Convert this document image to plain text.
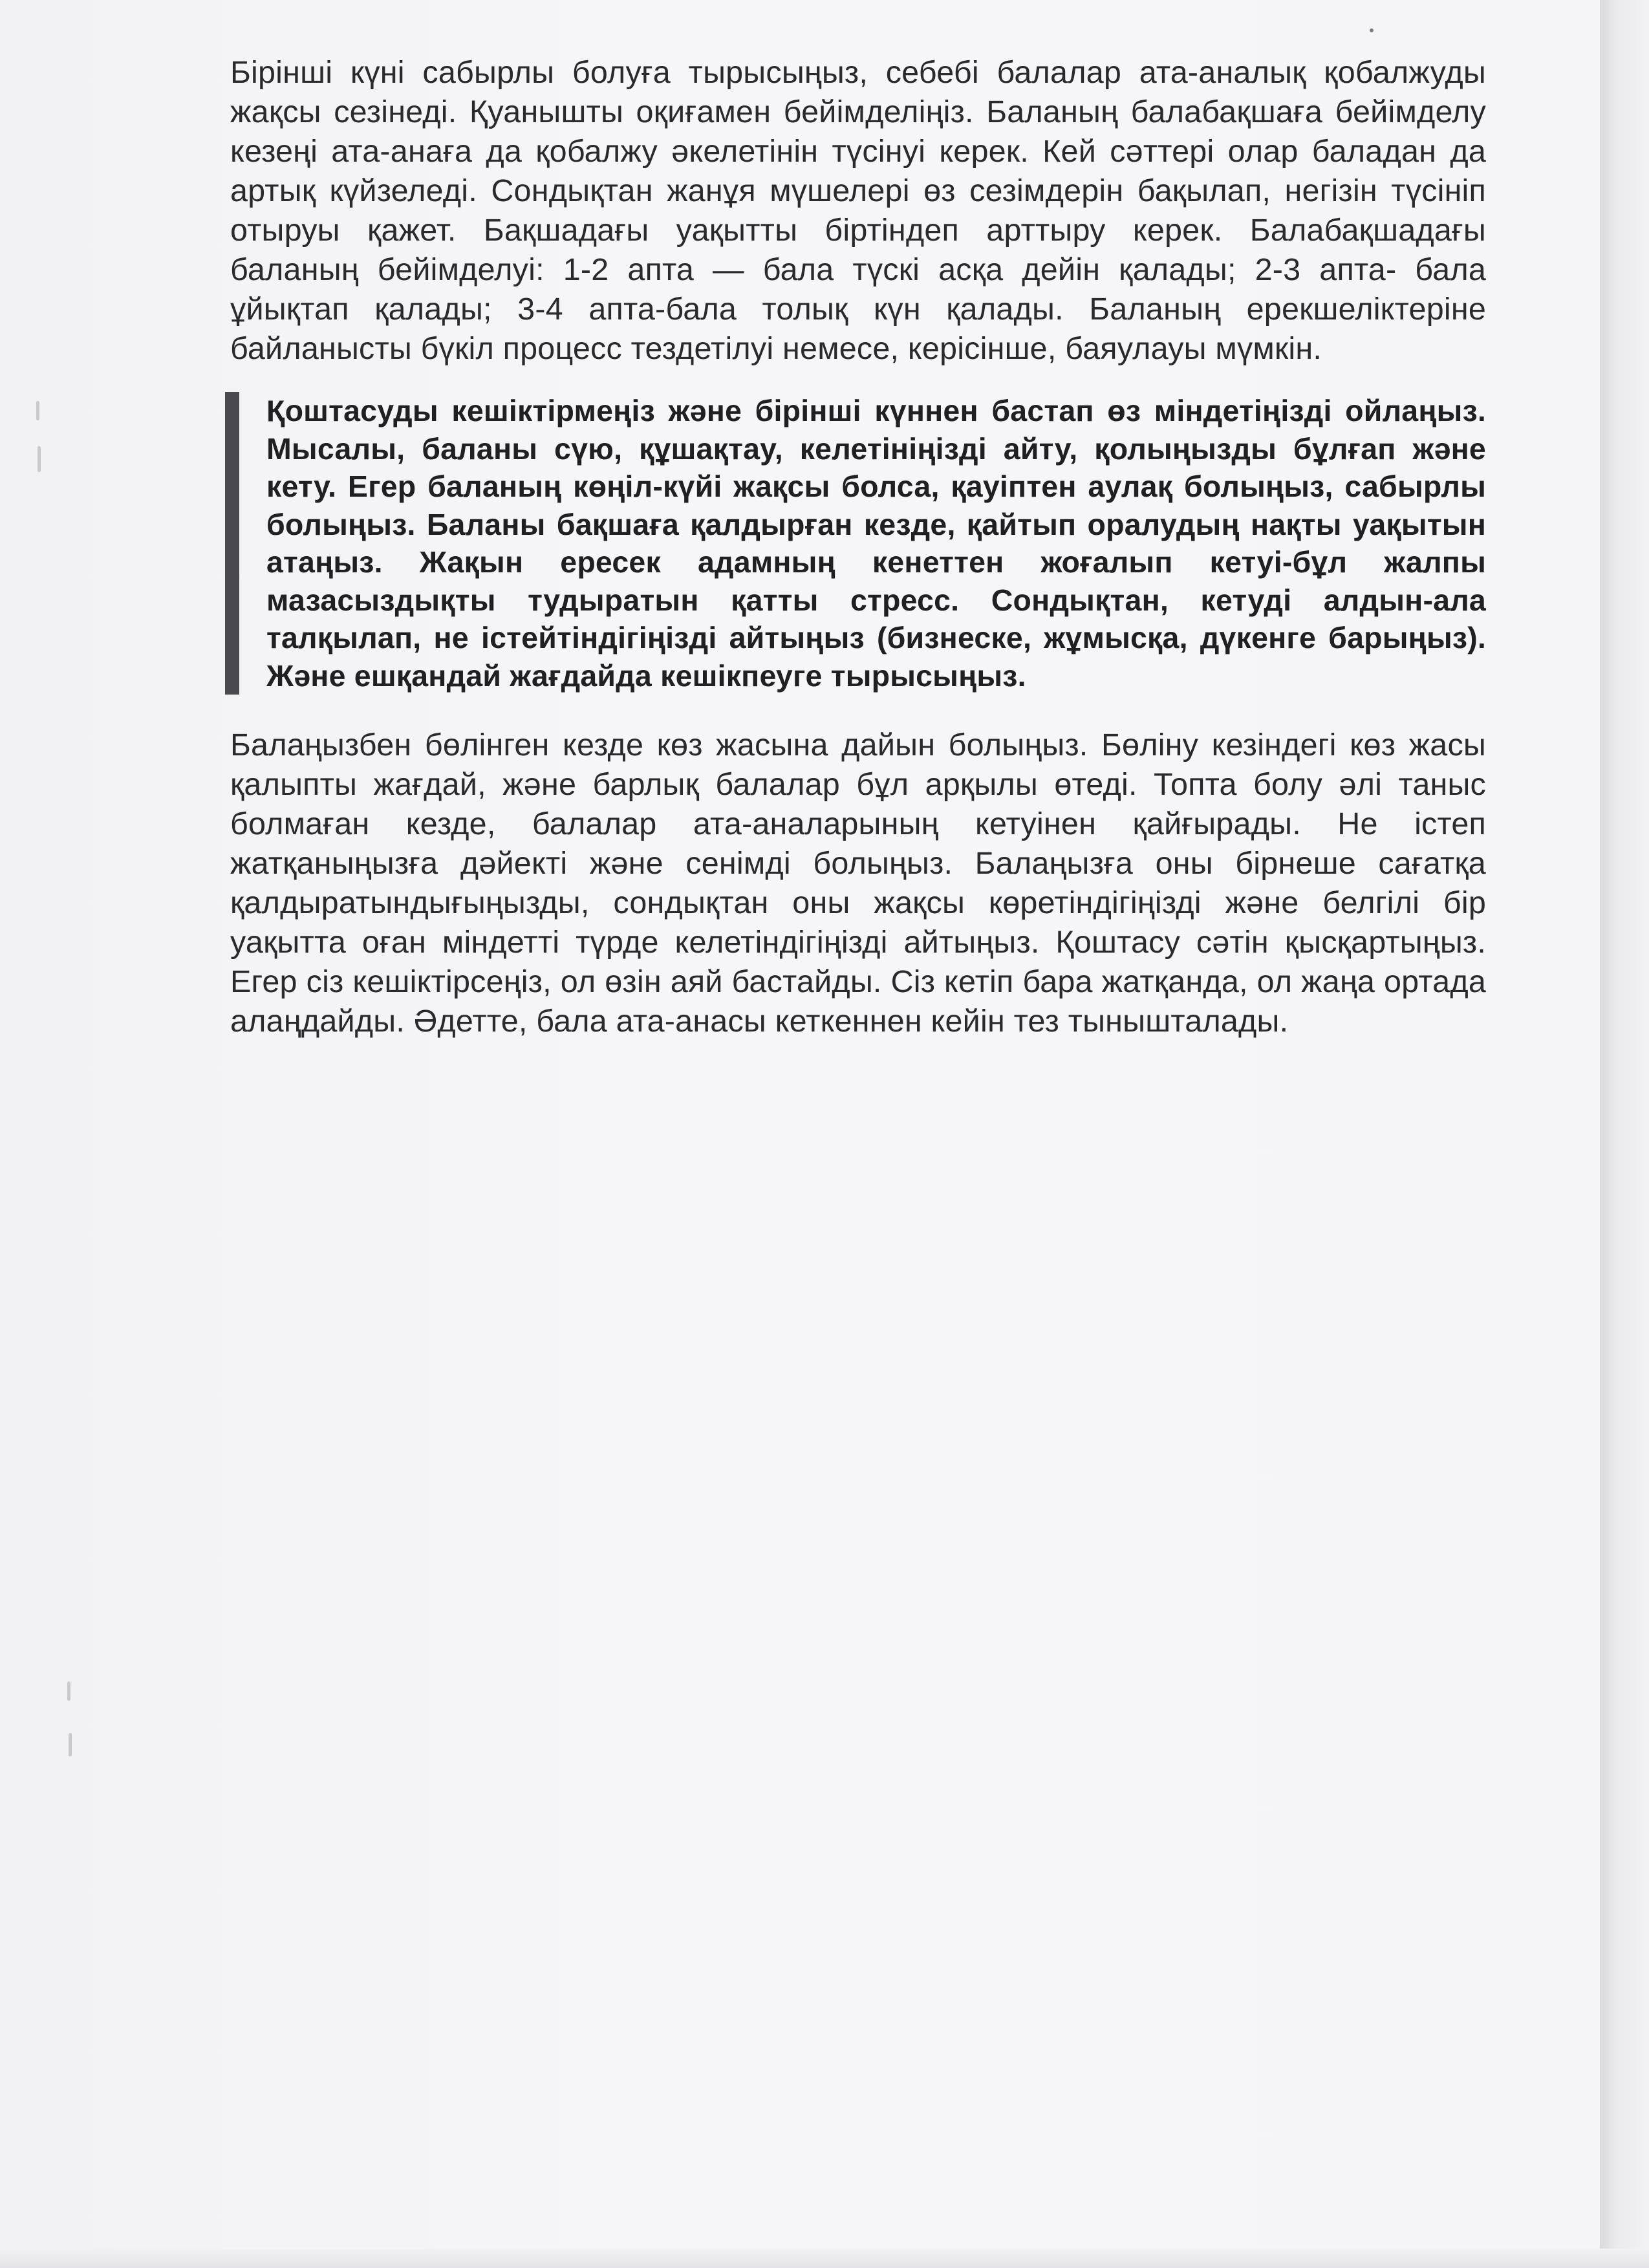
Бірінші күні сабырлы болуға тырысыңыз, себебі балалар ата-аналық қобалжуды жақсы сезінеді. Қуанышты оқиғамен бейімделіңіз. Баланың балабақшаға бейімделу кезеңі ата-анаға да қобалжу әкелетінін түсінуі керек. Кей сәттері олар баладан да артық күйзеледі. Сондықтан жанұя мүшелері өз сезімдерін бақылап, негізін түсініп отыруы қажет. Бақшадағы уақытты біртіндеп арттыру керек. Балабақшадағы баланың бейімделуі: 1-2 апта — бала түскі асқа дейін қалады; 2-3 апта- бала ұйықтап қалады; 3-4 апта-бала толық күн қалады. Баланың ерекшеліктеріне байланысты бүкіл процесс тездетілуі немесе, керісінше, баяулауы мүмкін.

Қоштасуды кешіктірмеңіз және бірінші күннен бастап өз міндетіңізді ойлаңыз. Мысалы, баланы сүю, құшақтау, келетініңізді айту, қолыңызды бұлғап және кету. Егер баланың көңіл-күйі жақсы болса, қауіптен аулақ болыңыз, сабырлы болыңыз. Баланы бақшаға қалдырған кезде, қайтып оралудың нақты уақытын атаңыз. Жақын ересек адамның кенеттен жоғалып кетуі-бұл жалпы мазасыздықты тудыратын қатты стресс. Сондықтан, кетуді алдын-ала талқылап, не істейтіндігіңізді айтыңыз (бизнеске, жұмысқа, дүкенге барыңыз). Және ешқандай жағдайда кешікпеуге тырысыңыз.

Балаңызбен бөлінген кезде көз жасына дайын болыңыз. Бөліну кезіндегі көз жасы қалыпты жағдай, және барлық балалар бұл арқылы өтеді. Топта болу әлі таныс болмаған кезде, балалар ата-аналарының кетуінен қайғырады. Не істеп жатқаныңызға дәйекті және сенімді болыңыз. Балаңызға оны бірнеше сағатқа қалдыратындығыңызды, сондықтан оны жақсы көретіндігіңізді және белгілі бір уақытта оған міндетті түрде келетіндігіңізді айтыңыз. Қоштасу сәтін қысқартыңыз. Егер сіз кешіктірсеңіз, ол өзін аяй бастайды. Сіз кетіп бара жатқанда, ол жаңа ортада алаңдайды. Әдетте, бала ата-анасы кеткеннен кейін тез тынышталады.
